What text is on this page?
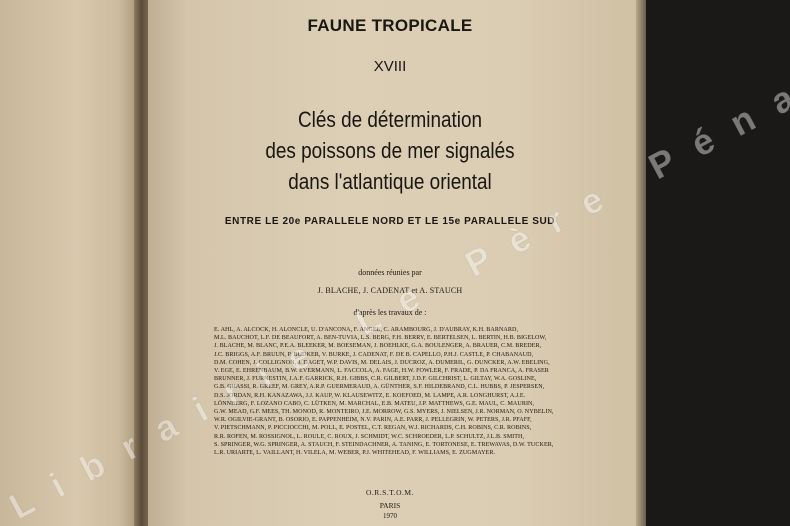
FAUNE TROPICALE
XVIII
Clés de détermination
des poissons de mer signalés
dans l'atlantique oriental
ENTRE LE 20e PARALLELE NORD ET LE 15e PARALLELE SUD
données réunies par
J. BLACHE, J. CADENAT et A. STAUCH
d'après les travaux de :
E. AHL, A. ALCOCK, H. ALONCLE, U. D'ANCONA, F. ANGEL, C. ARAMBOURG, J. D'AUBRAY, K.H. BARNARD,
M.L. BAUCHOT, L.F. DE BEAUFORT, A. BEN-TUVIA, L.S. BERG, F.H. BERRY, E. BERTELSEN, L. BERTIN, H.B. BIGELOW,
J. BLACHE, M. BLANC, P.E.A. BLEEKER, M. BOESEMAN, J. BOEHLKE, G.A. BOULENGER, A. BRAUER, C.M. BREDER,
J.C. BRIGGS, A.F. BRUUN, P. BUDKER, V. BURKE, J. CADENAT, F. DE B. CAPELLO, P.H.J. CASTLE, P. CHABANAUD,
D.M. COHEN, J. COLLIGNON, J. DAGET, W.P. DAVIS, M. DELAIS, J. DUCROZ, A. DUMERIL, G. DUNCKER, A.W. EBELING,
V. EGE, E. EHRENBAUM, B.W. EVERMANN, L. FACCOLA, A. FAGE, H.W. FOWLER, F. FRADE, P. DA FRANCA, A. FRASER
BRUNNER, J. FURNESTIN, J.A.F. GARRICK, R.H. GIBBS, C.R. GILBERT, J.D.F. GILCHRIST, L. GILTAY, W.A. GOSLINE,
G.B. GRASSI, R. GREEF, M. GREY, A.R.P. GUERMERAUD, A. GÜNTHER, S.F. HILDEBRAND, C.L. HUBBS, P. JESPERSEN,
D.S. JORDAN, R.H. KANAZAWA, J.J. KAUP, W. KLAUSEWITZ, E. KOEFOED, M. LAMPE, A.R. LONGHURST, A.J.E.
LÖNNBERG, F. LOZANO CABO, C. LÜTKEN, M. MARCHAL, E.B. MATEU, J.P. MATTHEWS, G.E. MAUL, C. MAURIN,
G.W. MEAD, G.F. MEES, TH. MONOD, R. MONTEIRO, J.E. MORROW, G.S. MYERS, J. NIELSEN, J.R. NORMAN, O. NYBELIN,
W.R. OGILVIE-GRANT, B. OSORIO, E. PAPPENHEIM, N.V. PARIN, A.E. PARR, J. PELLEGRIN, W. PETERS, J.R. PFAFF,
V. PIETSCHMANN, P. PICCIOCCHI, M. POLL, E. POSTEL, C.T. REGAN, W.J. RICHARDS, C.H. ROBINS, C.R. ROBINS,
R.R. ROFEN, M. ROSSIGNOL, L. ROULE, C. ROUX, J. SCHMIDT, W.C. SCHROEDER, L.P. SCHULTZ, J.L.B. SMITH,
S. SPRINGER, W.G. SPRINGER, A. STAUCH, F. STEINDACHNER, A. TANING, E. TORTONESE, E. TREWAVAS, D.W. TUCKER,
L.R. URIARTE, L. VAILLANT, H. VILELA, M. WEBER, P.J. WHITEHEAD, F. WILLIAMS, E. ZUGMAYER.
O.R.S.T.O.M.
PARIS
1970
Librairie Le Père
